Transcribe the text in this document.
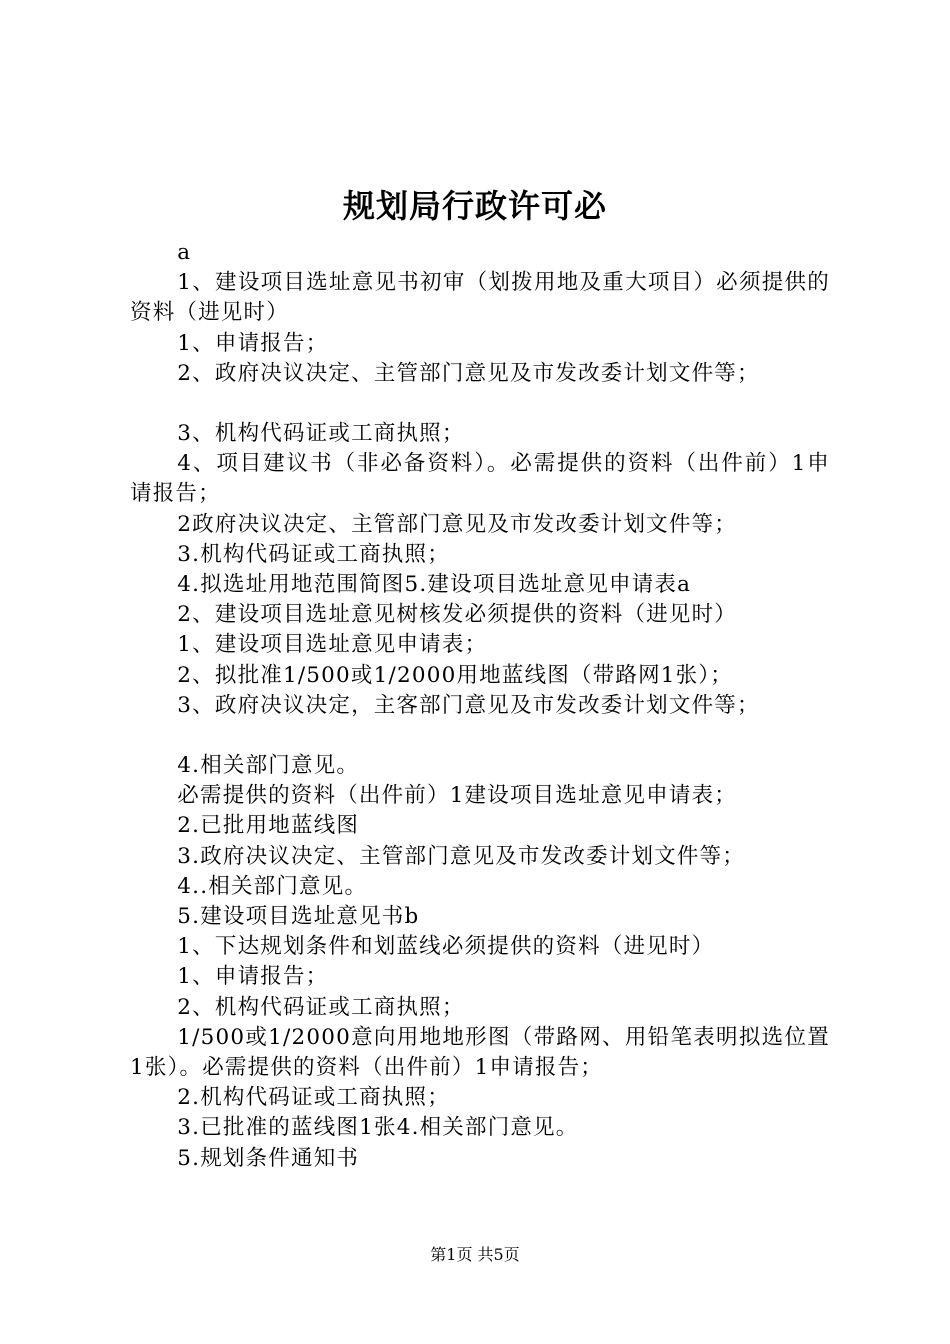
规划局行政许可必

a

1、建设项目选址意见书初审（划拨用地及重大项目）必须提供的资料（进见时）

1、申请报告；

2、政府决议决定、主管部门意见及市发改委计划文件等；

3、机构代码证或工商执照；

4、项目建议书（非必备资料）。必需提供的资料（出件前）1申请报告；

2政府决议决定、主管部门意见及市发改委计划文件等；

3.机构代码证或工商执照；

4.拟选址用地范围简图5.建设项目选址意见申请表a

2、建设项目选址意见树核发必须提供的资料（进见时）

1、建设项目选址意见申请表；

2、拟批准1/500或1/2000用地蓝线图（带路网1张）；

3、政府决议决定，主客部门意见及市发改委计划文件等；

4.相关部门意见。

必需提供的资料（出件前）1建设项目选址意见申请表；

2.已批用地蓝线图

3.政府决议决定、主管部门意见及市发改委计划文件等；

4..相关部门意见。

5.建设项目选址意见书b

1、下达规划条件和划蓝线必须提供的资料（进见时）

1、申请报告；

2、机构代码证或工商执照；

1/500或1/2000意向用地地形图（带路网、用铅笔表明拟选位置1张）。必需提供的资料（出件前）1申请报告；

2.机构代码证或工商执照；

3.已批准的蓝线图1张4.相关部门意见。

5.规划条件通知书

第1页 共5页
